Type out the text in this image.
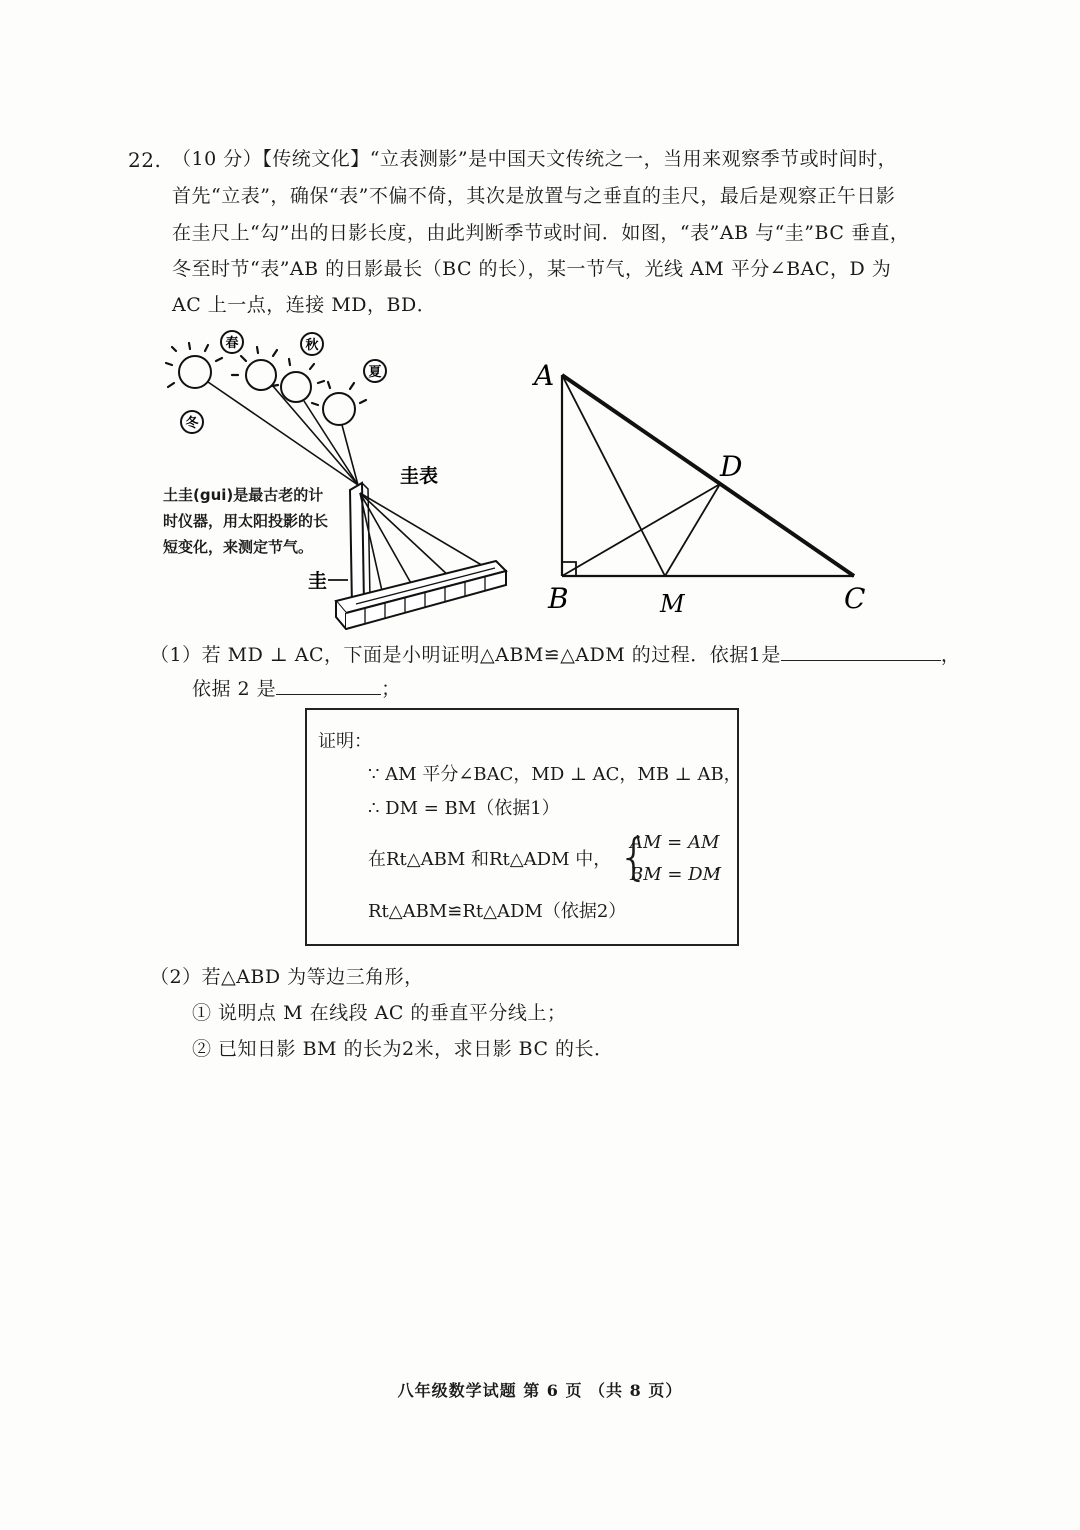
22. （10 分）【传统文化】“立表测影”是中国天文传统之一，当用来观察季节或时间时，
首先“立表”，确保“表”不偏不倚，其次是放置与之垂直的圭尺，最后是观察正午日影
在圭尺上“勾”出的日影长度，由此判断季节或时间．如图，“表”AB 与“圭”BC 垂直，
冬至时节“表”AB 的日影最长（BC 的长），某一节气，光线 AM 平分∠BAC，D 为
AC 上一点，连接 MD，BD．
春	秋
夏
冬
圭表
圭
土圭(gui)是最古老的计
时仪器，用太阳投影的长
短变化，来测定节气。
A
B	C
D
M
（1）若 MD ⊥ AC，下面是小明证明△ABM≌△ADM 的过程．依据1是	，
依据 2 是	；
证明：
∵ AM 平分∠BAC，MD ⊥ AC，MB ⊥ AB，
∴ DM = BM（依据1）
在Rt△ABM 和Rt△ADM 中， {
AM = AM
BM = DM
，
Rt△ABM≌Rt△ADM（依据2）
（2）若△ABD 为等边三角形，
① 说明点 M 在线段 AC 的垂直平分线上；
② 已知日影 BM 的长为2米，求日影 BC 的长．
八年级数学试题 第 6 页 （共 8 页）
